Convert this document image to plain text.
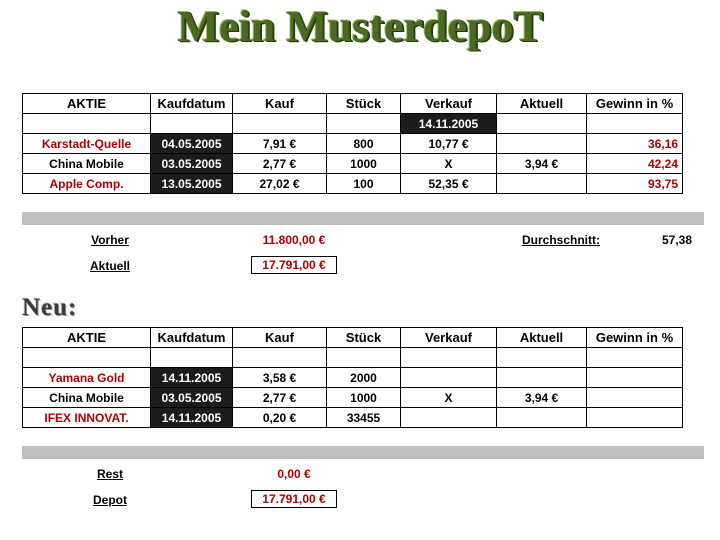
Mein MusterdepoT
AKTIE	Kaufdatum	Kauf	Stück	Verkauf	Aktuell	Gewinn in %
				14.11.2005		
Karstadt-Quelle	04.05.2005	7,91 €	800	10,77 €		36,16
China Mobile	03.05.2005	2,77 €	1000	X	3,94 €	42,24
Apple Comp.	13.05.2005	27,02 €	100	52,35 €		93,75
Vorher	11.800,00 €
Aktuell	17.791,00 €
Durchschnitt:	57,38
Neu:
AKTIE	Kaufdatum	Kauf	Stück	Verkauf	Aktuell	Gewinn in %

Yamana Gold	14.11.2005	3,58 €	2000			
China Mobile	03.05.2005	2,77 €	1000	X	3,94 €	
IFEX INNOVAT.	14.11.2005	0,20 €	33455			
Rest	0,00 €
Depot	17.791,00 €
